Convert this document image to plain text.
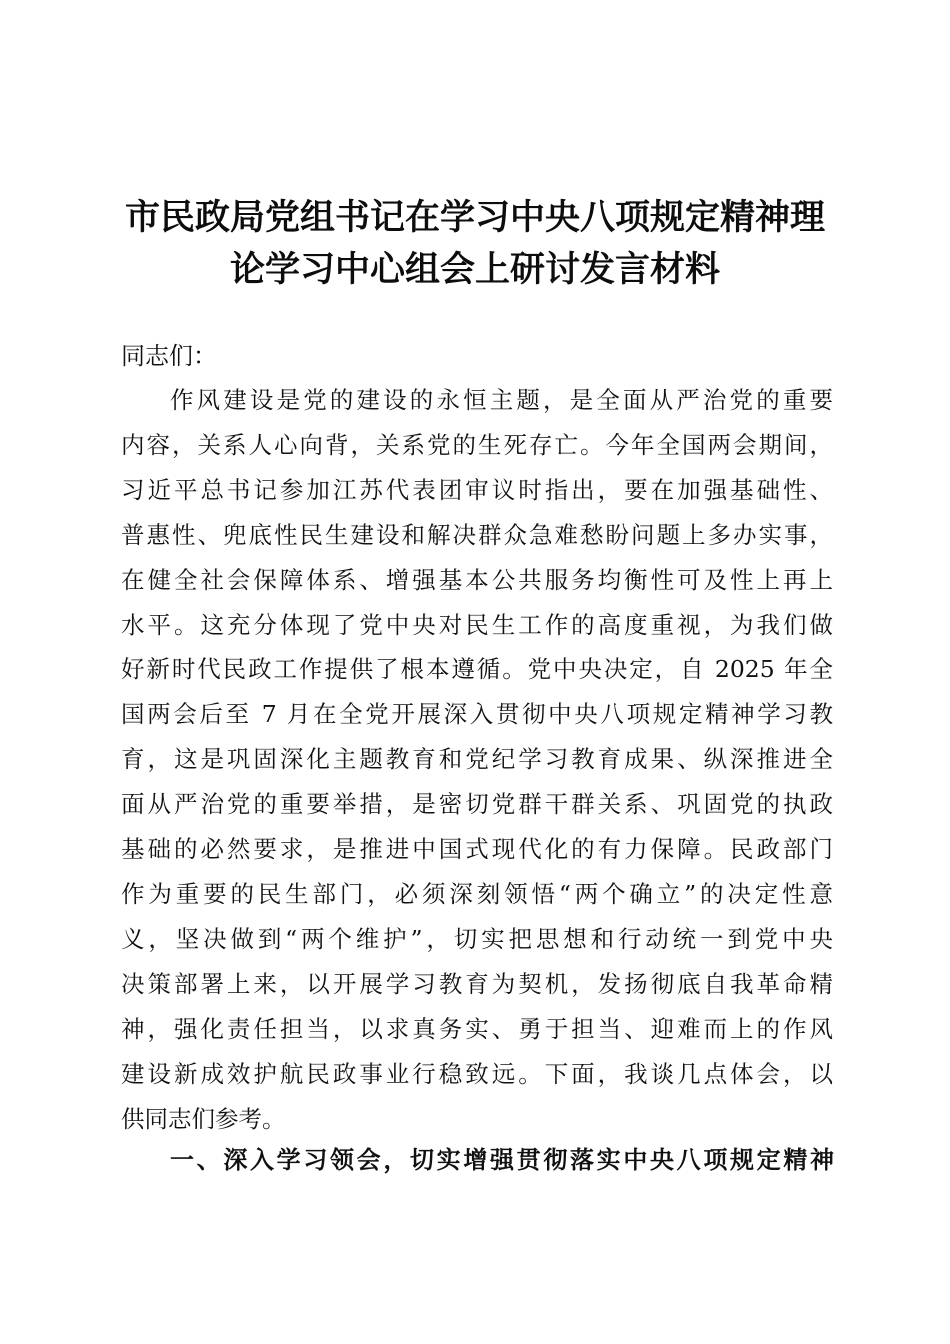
市民政局党组书记在学习中央八项规定精神理
论学习中心组会上研讨发言材料

同志们：

作风建设是党的建设的永恒主题，是全面从严治党的重要
内容，关系人心向背，关系党的生死存亡。今年全国两会期间，
习近平总书记参加江苏代表团审议时指出，要在加强基础性、
普惠性、兜底性民生建设和解决群众急难愁盼问题上多办实事，
在健全社会保障体系、增强基本公共服务均衡性可及性上再上
水平。这充分体现了党中央对民生工作的高度重视，为我们做
好新时代民政工作提供了根本遵循。党中央决定，自 2025 年全
国两会后至 7 月在全党开展深入贯彻中央八项规定精神学习教
育，这是巩固深化主题教育和党纪学习教育成果、纵深推进全
面从严治党的重要举措，是密切党群干群关系、巩固党的执政
基础的必然要求，是推进中国式现代化的有力保障。民政部门
作为重要的民生部门，必须深刻领悟“两个确立”的决定性意
义，坚决做到“两个维护”，切实把思想和行动统一到党中央
决策部署上来，以开展学习教育为契机，发扬彻底自我革命精
神，强化责任担当，以求真务实、勇于担当、迎难而上的作风
建设新成效护航民政事业行稳致远。下面，我谈几点体会，以
供同志们参考。

一、深入学习领会，切实增强贯彻落实中央八项规定精神
